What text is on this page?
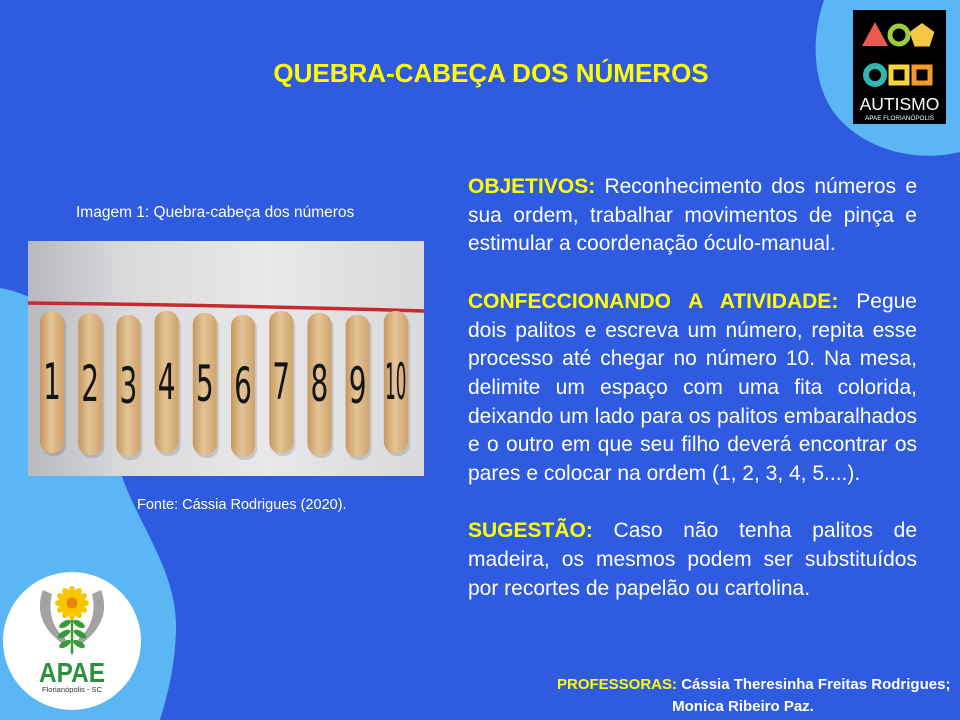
QUEBRA-CABEÇA DOS NÚMEROS
Imagem 1: Quebra-cabeça dos números
1 2 3 4 5 6 7 8 9 10
Fonte: Cássia Rodrigues (2020).

OBJETIVOS: Reconhecimento dos números e sua ordem, trabalhar movimentos de pinça e estimular a coordenação óculo-manual.

CONFECCIONANDO A ATIVIDADE: Pegue dois palitos e escreva um número, repita esse processo até chegar no número 10. Na mesa, delimite um espaço com uma fita colorida, deixando um lado para os palitos embaralhados e o outro em que seu filho deverá encontrar os pares e colocar na ordem (1, 2, 3, 4, 5....).

SUGESTÃO: Caso não tenha palitos de madeira, os mesmos podem ser substituídos por recortes de papelão ou cartolina.

PROFESSORAS: Cássia Theresinha Freitas Rodrigues;
Monica Ribeiro Paz.
AUTISMO
APAE FLORIANÓPOLIS
APAE
Florianópolis - SC
